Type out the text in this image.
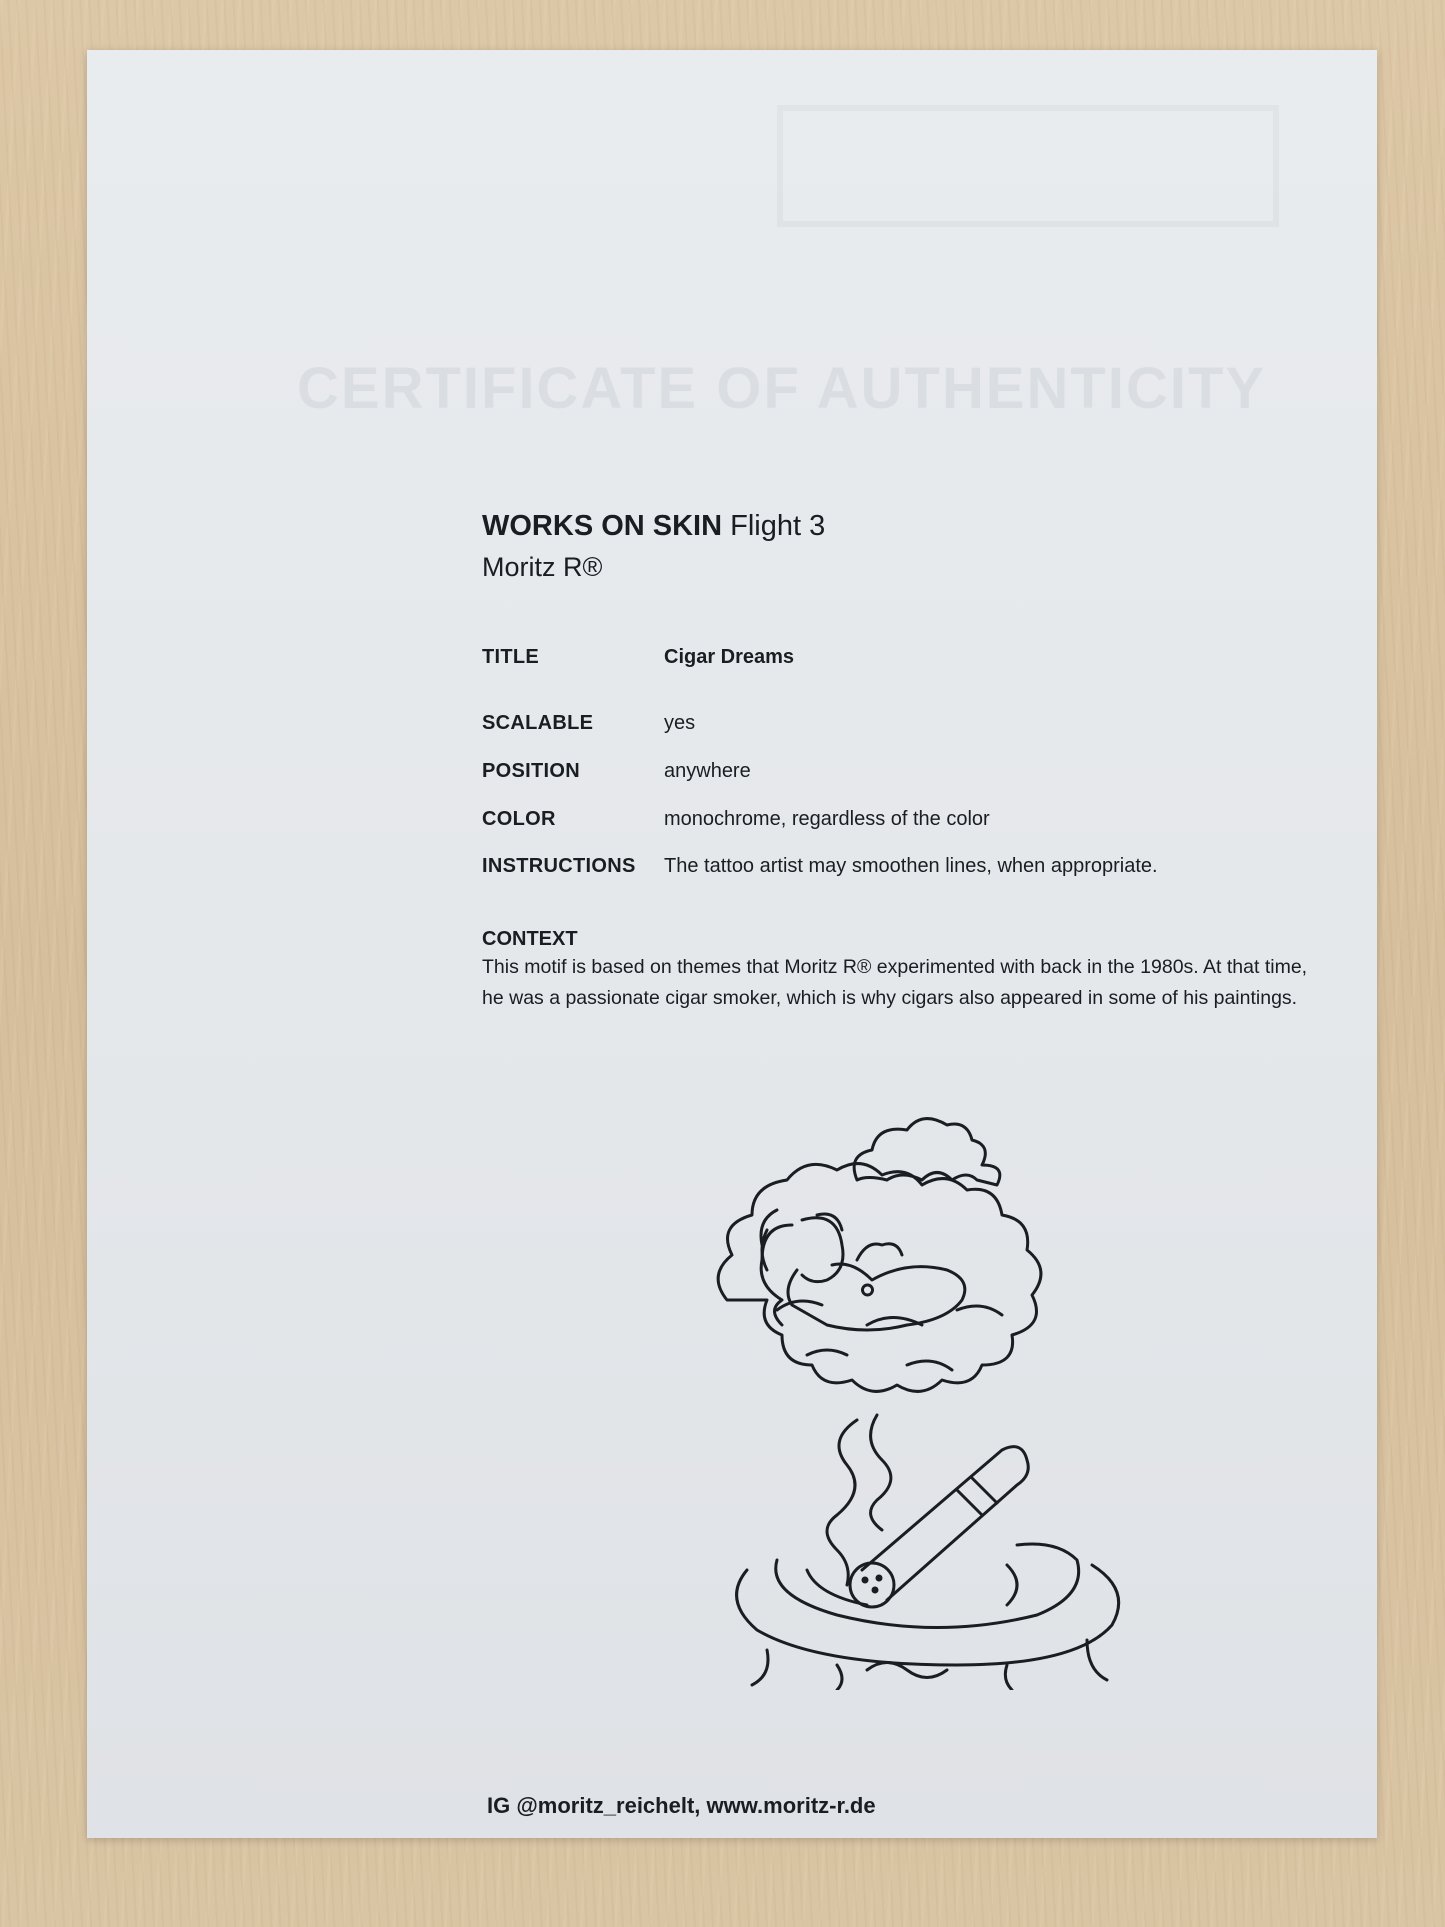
CERTIFICATE OF AUTHENTICITY
WORKS ON SKIN Flight 3
Moritz R®
TITLE	Cigar Dreams
SCALABLE	yes
POSITION	anywhere
COLOR	monochrome, regardless of the color
INSTRUCTIONS The tattoo artist may smoothen lines, when appropriate.
CONTEXT
This motif is based on themes that Moritz R® experimented with back in the 1980s. At that time, he was a passionate cigar smoker, which is why cigars also appeared in some of his paintings.
IG @moritz_reichelt, www.moritz-r.de
